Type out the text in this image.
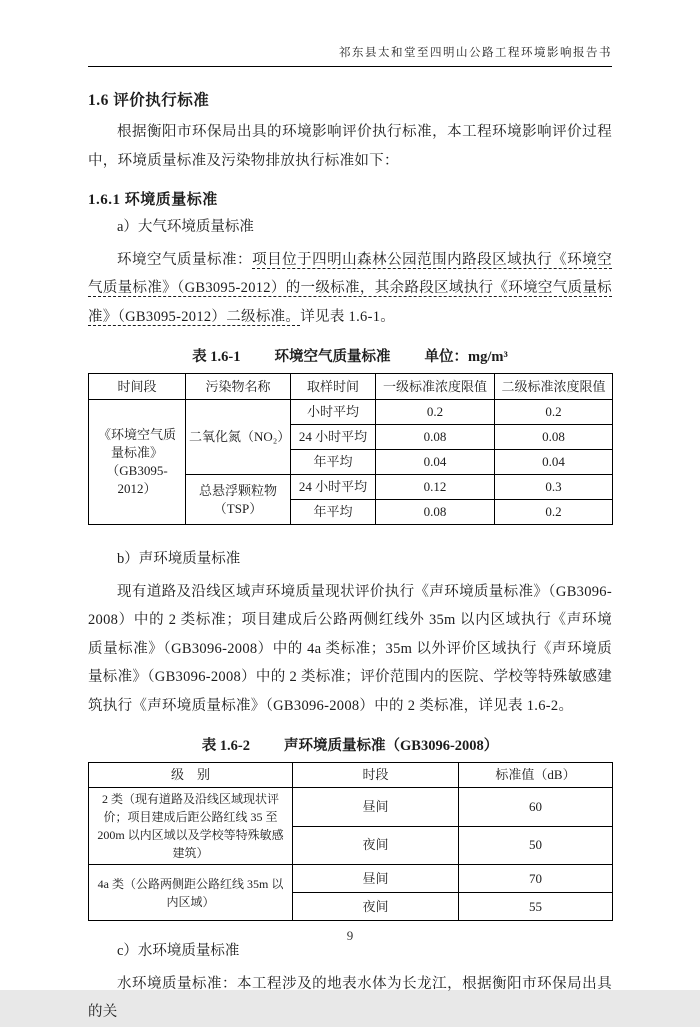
祁东县太和堂至四明山公路工程环境影响报告书
1.6 评价执行标准

根据衡阳市环保局出具的环境影响评价执行标准，本工程环境影响评价过程中，环境质量标准及污染物排放执行标准如下：

1.6.1 环境质量标准

a）大气环境质量标准

环境空气质量标准：项目位于四明山森林公园范围内路段区域执行《环境空气质量标准》（GB3095-2012）的一级标准，其余路段区域执行《环境空气质量标准》（GB3095-2012）二级标准。详见表 1.6-1。

表 1.6-1 环境空气质量标准 单位：mg/m³
时间段	污染物名称	取样时间	一级标准浓度限值	二级标准浓度限值
《环境空气质量标准》（GB3095-2012）	二氧化氮（NO₂）	小时平均	0.2	0.2
		24 小时平均	0.08	0.08
		年平均	0.04	0.04
	总悬浮颗粒物（TSP）	24 小时平均	0.12	0.3
		年平均	0.08	0.2

b）声环境质量标准

现有道路及沿线区域声环境质量现状评价执行《声环境质量标准》（GB3096-2008）中的 2 类标准；项目建成后公路两侧红线外 35m 以内区域执行《声环境质量标准》（GB3096-2008）中的 4a 类标准；35m 以外评价区域执行《声环境质量标准》（GB3096-2008）中的 2 类标准；评价范围内的医院、学校等特殊敏感建筑执行《声环境质量标准》（GB3096-2008）中的 2 类标准，详见表 1.6-2。

表 1.6-2 声环境质量标准（GB3096-2008）
级　别	时段	标准值（dB）
2 类（现有道路及沿线区域现状评价；项目建成后距公路红线 35 至 200m 以内区域以及学校等特殊敏感建筑）	昼间	60
	夜间	50
4a 类（公路两侧距公路红线 35m 以内区域）	昼间	70
	夜间	55

c）水环境质量标准

水环境质量标准：本工程涉及的地表水体为长龙江，根据衡阳市环保局出具的关

9
